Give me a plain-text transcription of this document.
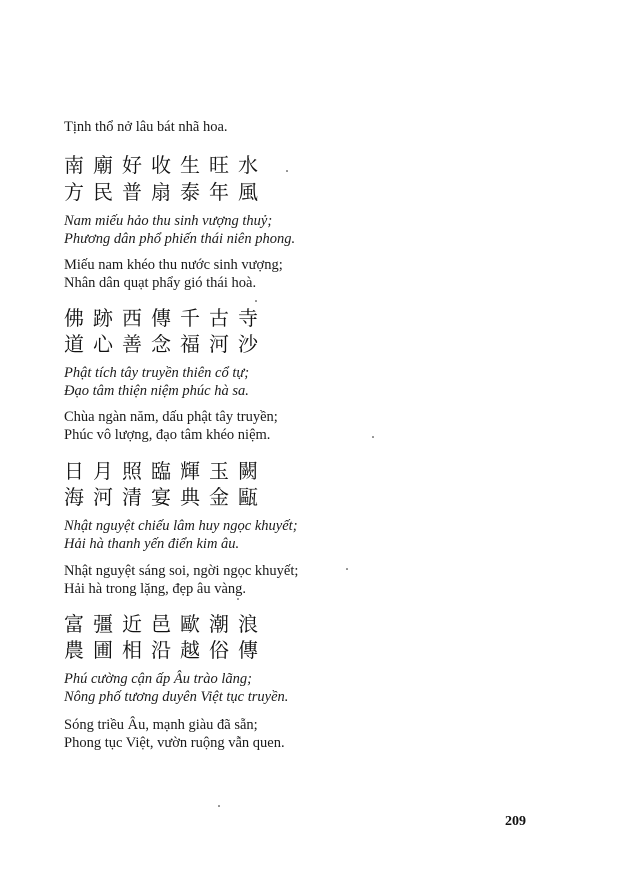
Tịnh thổ nở lâu bát nhã hoa.
南廟好收生旺水
方民普扇泰年風
Nam miếu hảo thu sinh vượng thuỷ;
Phương dân phổ phiến thái niên phong.
Miếu nam khéo thu nước sinh vượng;
Nhân dân quạt phẩy gió thái hoà.
佛跡西傳千古寺
道心善念福河沙
Phật tích tây truyền thiên cổ tự;
Đạo tâm thiện niệm phúc hà sa.
Chùa ngàn năm, dấu phật tây truyền;
Phúc vô lượng, đạo tâm khéo niệm.
日月照臨輝玉闕
海河清宴典金甌
Nhật nguyệt chiếu lâm huy ngọc khuyết;
Hải hà thanh yến điển kim âu.
Nhật nguyệt sáng soi, ngời ngọc khuyết;
Hải hà trong lặng, đẹp âu vàng.
富彊近邑歐潮浪
農圃相沿越俗傳
Phú cường cận ấp Âu trào lãng;
Nông phố tương duyên Việt tục truyền.
Sóng triều Âu, mạnh giàu đã sẵn;
Phong tục Việt, vườn ruộng vẫn quen.
209
